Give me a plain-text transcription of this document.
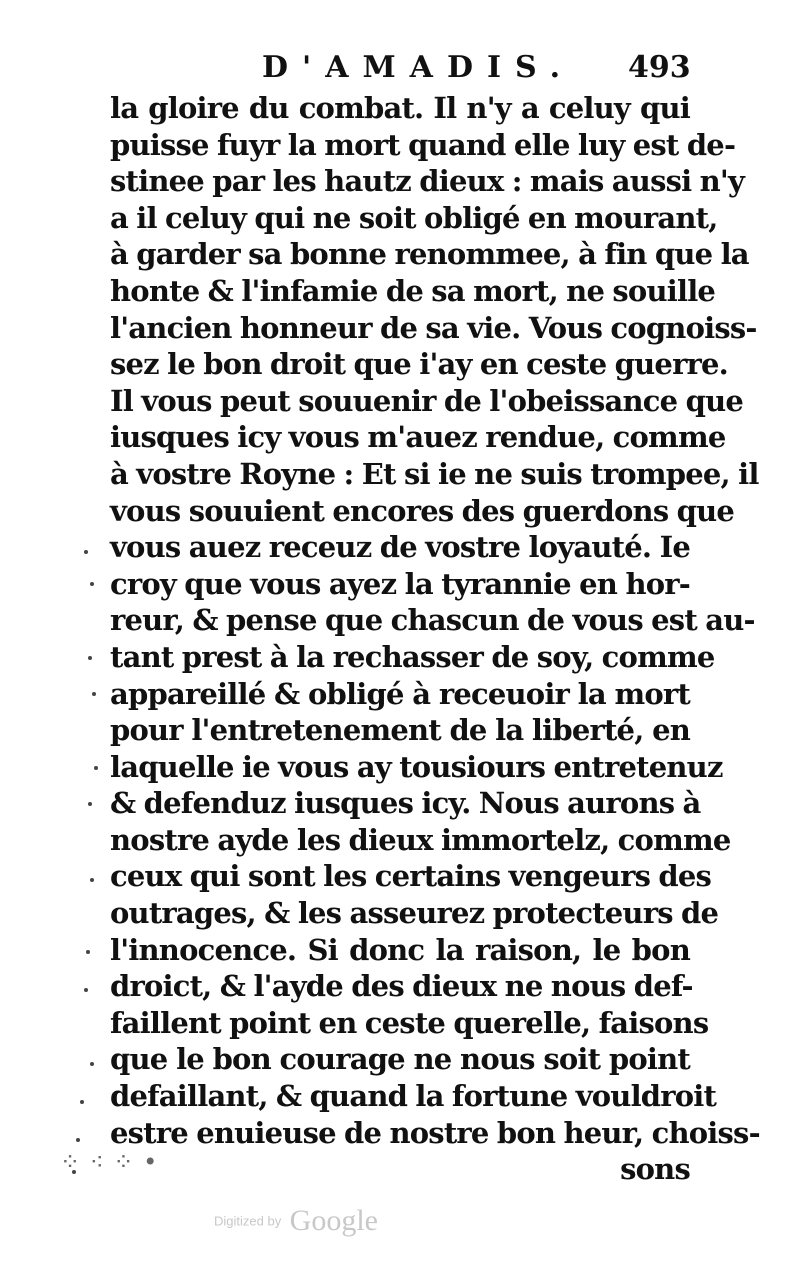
D'AMADIS. 493
la gloire du combat. Il n'y a celuy qui
puisse fuyr la mort quand elle luy est de-
stinee par les hautz dieux : mais aussi n'y
a il celuy qui ne soit obligé en mourant,
à garder sa bonne renommee, à fin que la
honte & l'infamie de sa mort, ne souille
l'ancien honneur de sa vie. Vous cognoiss-
sez le bon droit que i'ay en ceste guerre.
Il vous peut souuenir de l'obeissance que
iusques icy vous m'auez rendue, comme
à vostre Royne : Et si ie ne suis trompee, il
vous souuient encores des guerdons que
vous auez receuz de vostre loyauté. Ie
croy que vous ayez la tyrannie en hor-
reur, & pense que chascun de vous est au-
tant prest à la rechasser de soy, comme
appareillé & obligé à receuoir la mort
pour l'entretenement de la liberté, en
laquelle ie vous ay tousiours entretenuz
& defenduz iusques icy. Nous aurons à
nostre ayde les dieux immortelz, comme
ceux qui sont les certains vengeurs des
outrages, & les asseurez protecteurs de
l'innocence. Si donc la raison, le bon
droict, & l'ayde des dieux ne nous def-
faillent point en ceste querelle, faisons
que le bon courage ne nous soit point
defaillant, & quand la fortune vouldroit
estre enuieuse de nostre bon heur, choiss-
sons
⁘ ⁖ ⁘ •
Digitized by Google
